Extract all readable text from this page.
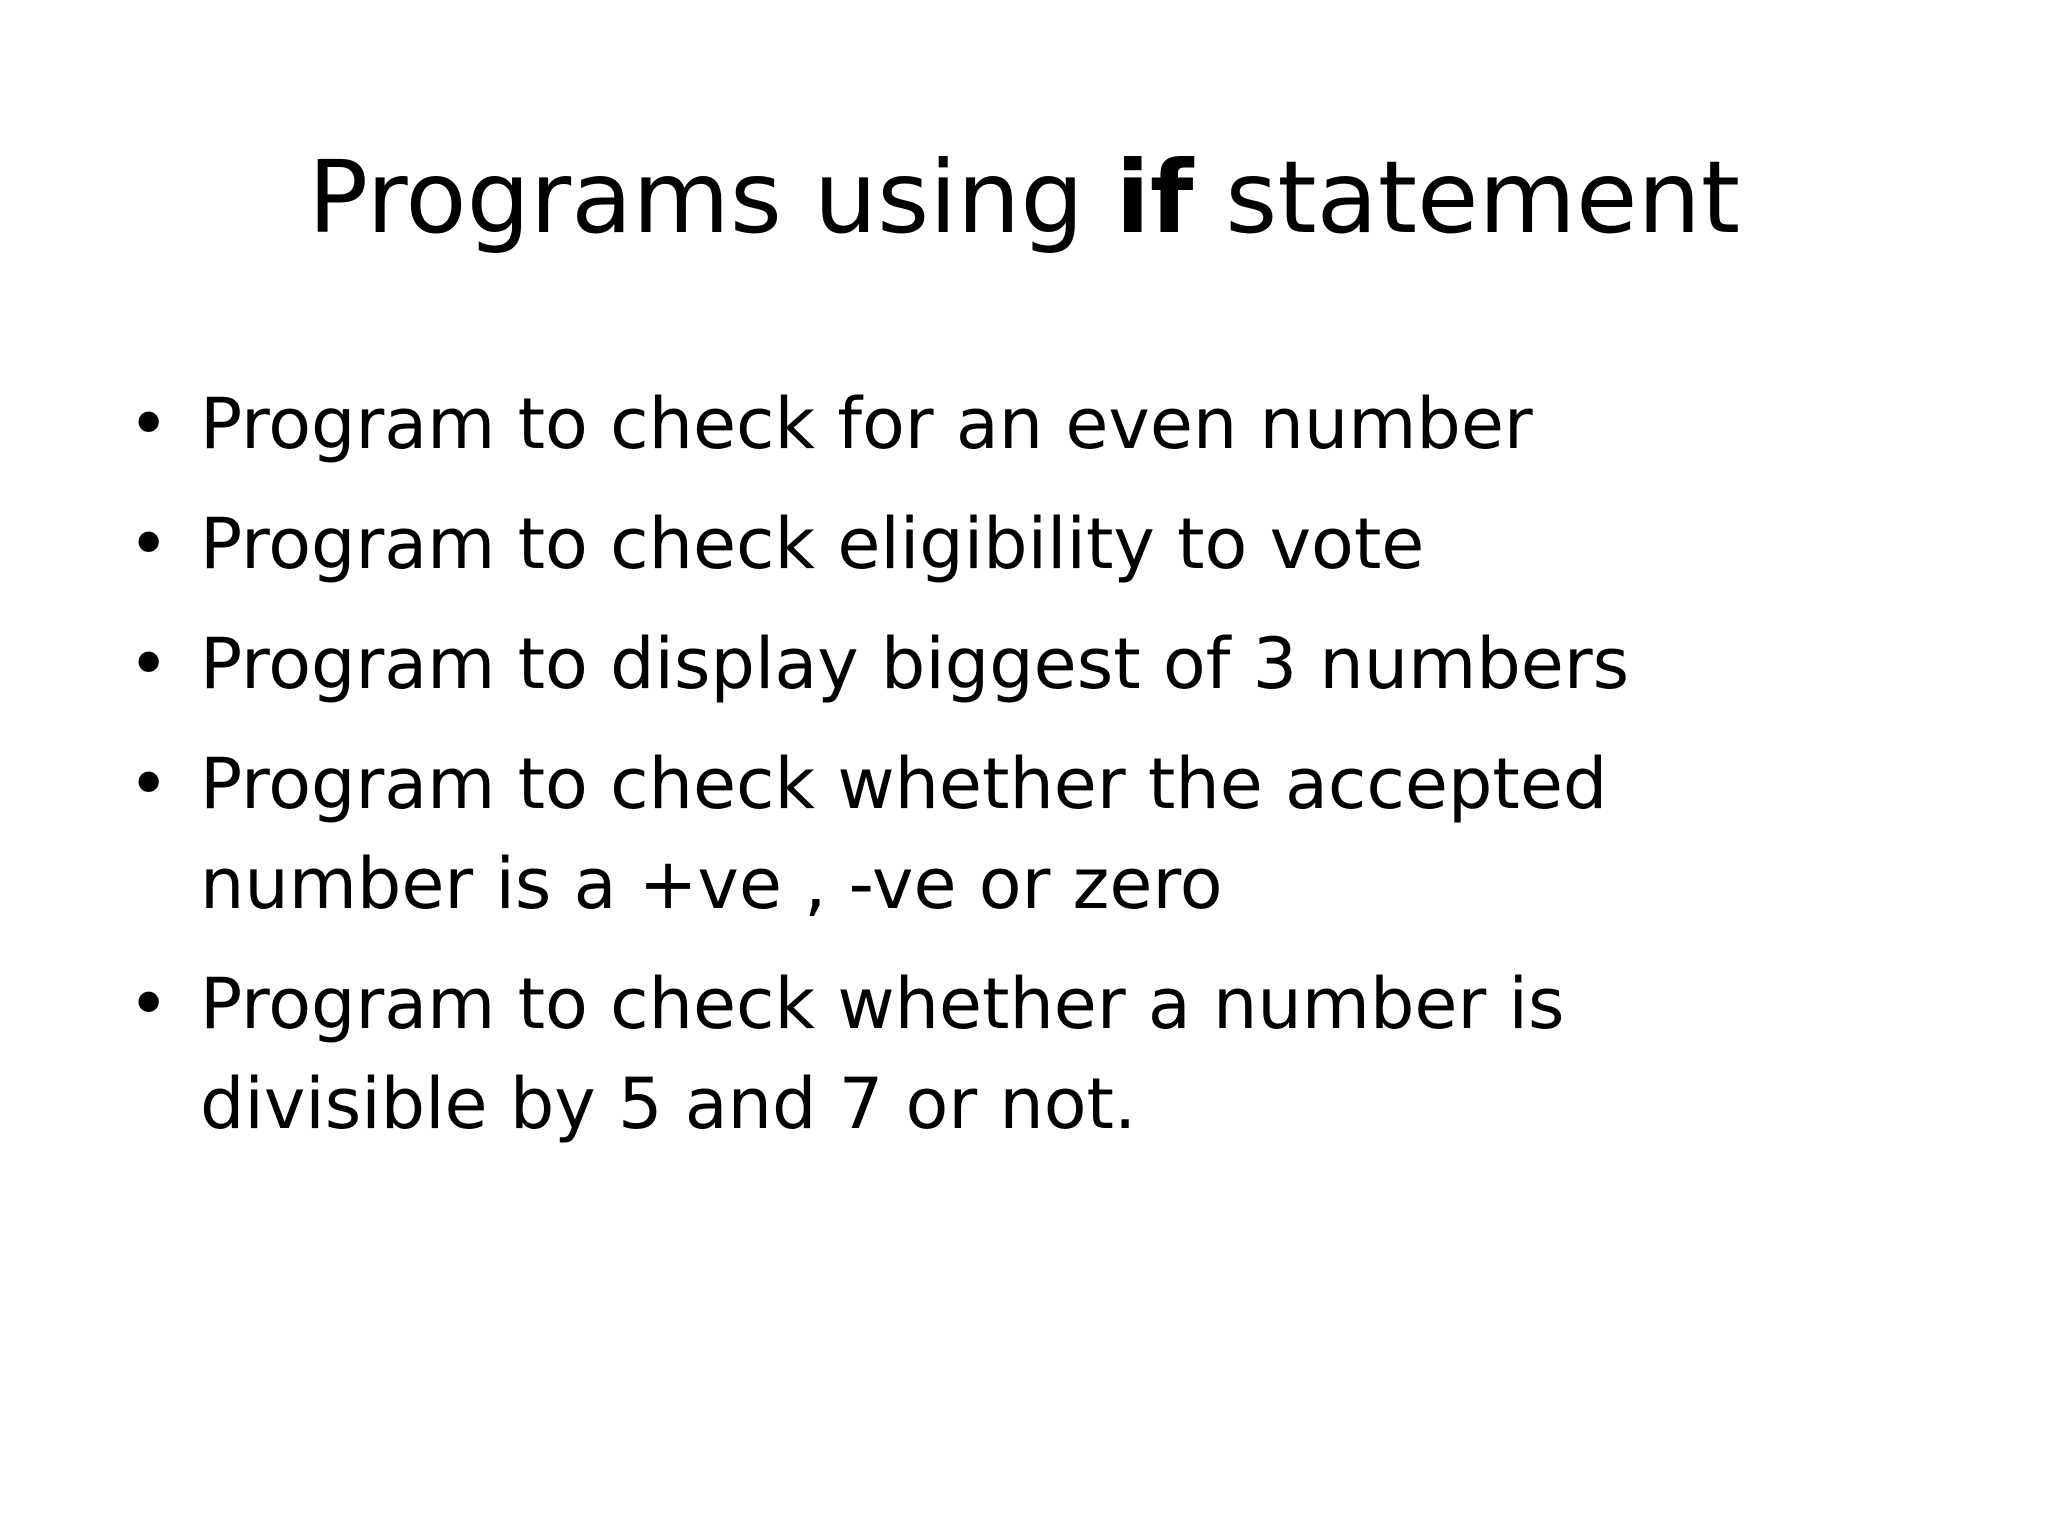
Programs using if statement
• Program to check for an even number
• Program to check eligibility to vote
• Program to display biggest of 3 numbers
• Program to check whether the accepted
number is a +ve , -ve or zero
• Program to check whether a number is
divisible by 5 and 7 or not.
